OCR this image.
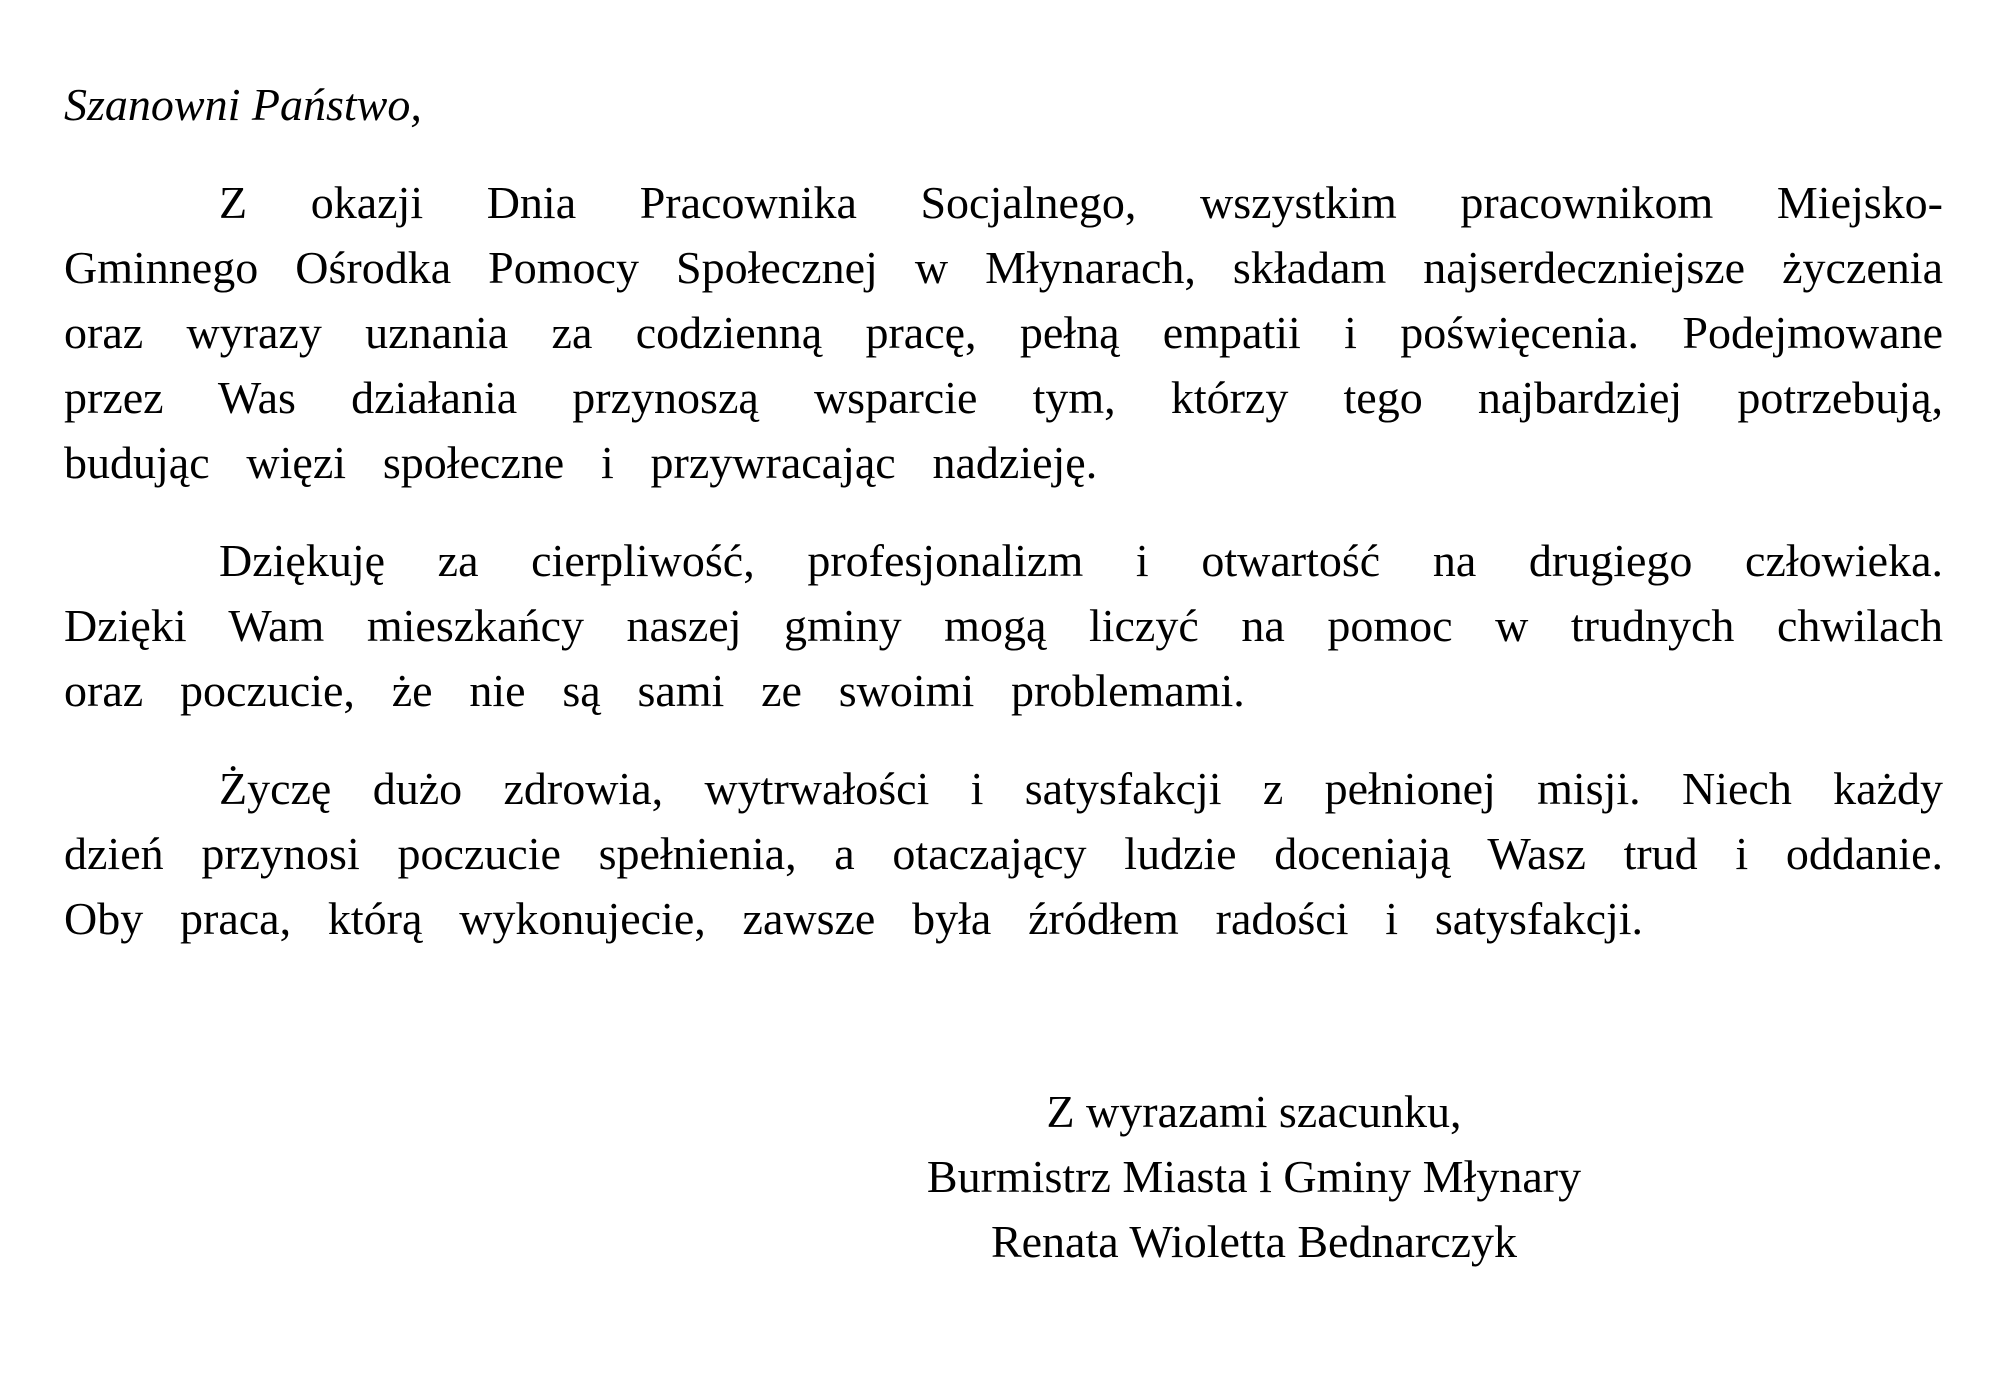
Szanowni Państwo,

Z okazji Dnia Pracownika Socjalnego, wszystkim pracownikom Miejsko-Gminnego Ośrodka Pomocy Społecznej w Młynarach, składam najserdeczniejsze życzenia oraz wyrazy uznania za codzienną pracę, pełną empatii i poświęcenia. Podejmowane przez Was działania przynoszą wsparcie tym, którzy tego najbardziej potrzebują, budując więzi społeczne i przywracając nadzieję.

Dziękuję za cierpliwość, profesjonalizm i otwartość na drugiego człowieka. Dzięki Wam mieszkańcy naszej gminy mogą liczyć na pomoc w trudnych chwilach oraz poczucie, że nie są sami ze swoimi problemami.

Życzę dużo zdrowia, wytrwałości i satysfakcji z pełnionej misji. Niech każdy dzień przynosi poczucie spełnienia, a otaczający ludzie doceniają Wasz trud i oddanie. Oby praca, którą wykonujecie, zawsze była źródłem radości i satysfakcji.

Z wyrazami szacunku,

Burmistrz Miasta i Gminy Młynary

Renata Wioletta Bednarczyk
